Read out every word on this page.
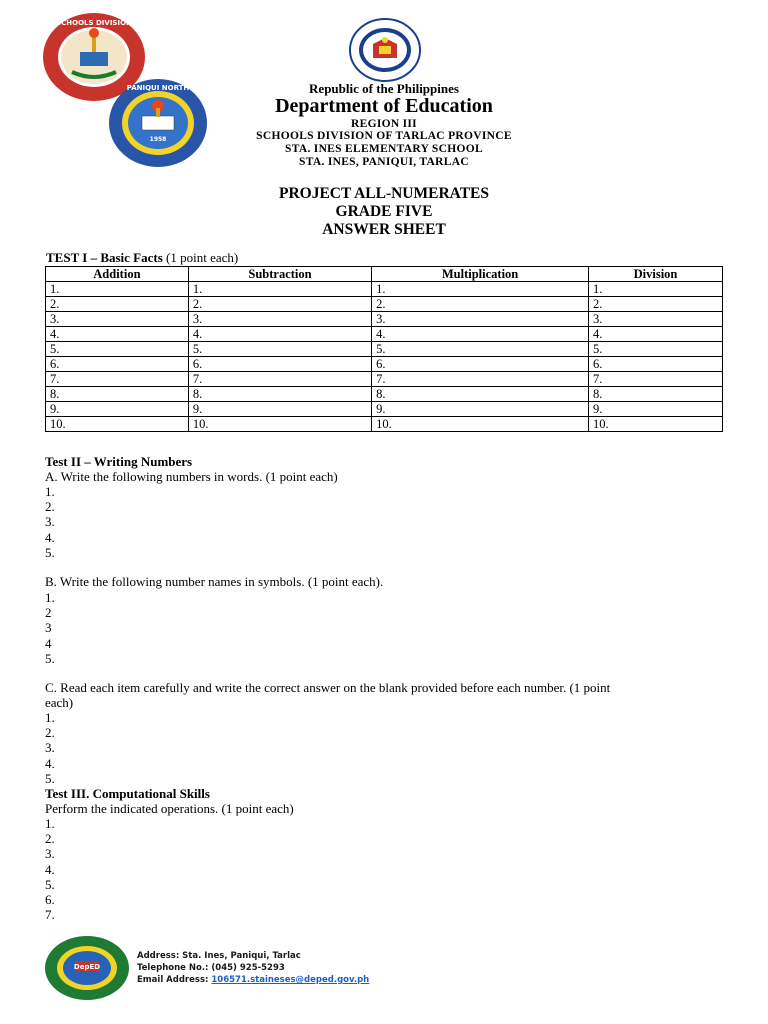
SCHOOLS DIVISION
1958
PANIQUI NORTH	Republic of the Philippines
Department of Education
REGION III
SCHOOLS DIVISION OF TARLAC PROVINCE
STA. INES ELEMENTARY SCHOOL
STA. INES, PANIQUI, TARLAC
PROJECT ALL-NUMERATES
GRADE FIVE
ANSWER SHEET
TEST I – Basic Facts (1 point each)
Addition	Subtraction	Multiplication	Division
1.	1.	1.	1.
2.	2.	2.	2.
3.	3.	3.	3.
4.	4.	4.	4.
5.	5.	5.	5.
6.	6.	6.	6.
7.	7.	7.	7.
8.	8.	8.	8.
9.	9.	9.	9.
10.	10.	10.	10.
Test II – Writing Numbers
A. Write the following numbers in words. (1 point each)
1.
2.
3.
4.
5.
B. Write the following number names in symbols. (1 point each).
1.
2
3
4
5.
C. Read each item carefully and write the correct answer on the blank provided before each number. (1 point
each)
1.
2.
3.
4.
5.
Test III. Computational Skills
Perform the indicated operations. (1 point each)
1.
2.
3.
4.
5.
6.
7.
DepED
Address: Sta. Ines, Paniqui, Tarlac
Telephone No.: (045) 925-5293
Email Address: 106571.staineses@deped.gov.ph
